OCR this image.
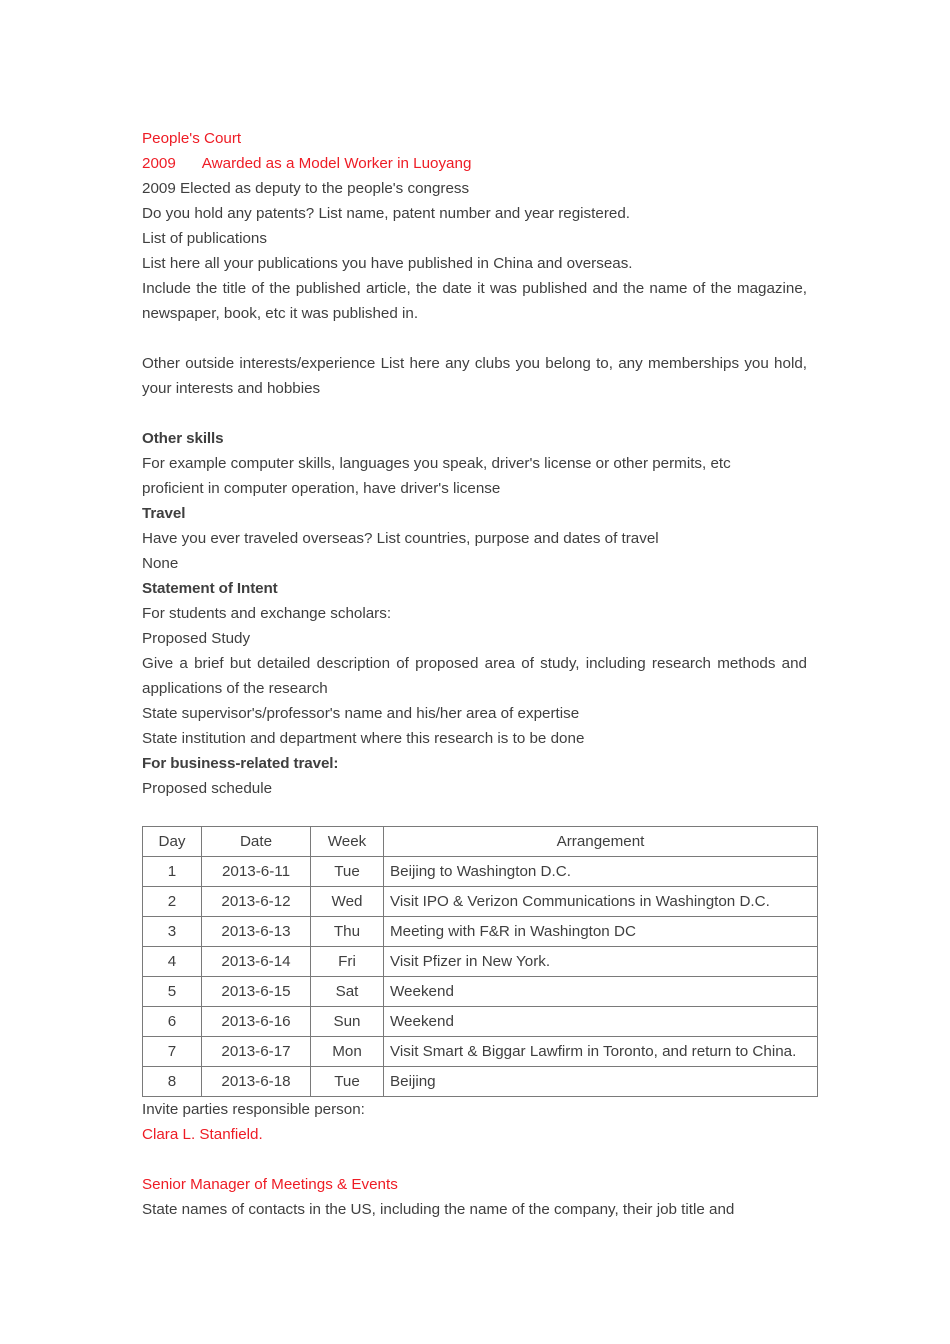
People's Court

2009 Awarded as a Model Worker in Luoyang

2009 Elected as deputy to the people's congress

Do you hold any patents? List name, patent number and year registered.

List of publications

List here all your publications you have published in China and overseas.

Include the title of the published article, the date it was published and the name of the magazine, newspaper, book, etc it was published in.

Other outside interests/experience List here any clubs you belong to, any memberships you hold, your interests and hobbies

Other skills

For example computer skills, languages you speak, driver's license or other permits, etc

proficient in computer operation, have driver's license

Travel

Have you ever traveled overseas? List countries, purpose and dates of travel

None

Statement of Intent

For students and exchange scholars:

Proposed Study

Give a brief but detailed description of proposed area of study, including research methods and applications of the research

State supervisor's/professor's name and his/her area of expertise

State institution and department where this research is to be done

For business-related travel:

Proposed schedule

Day	Date	Week	Arrangement
1	2013-6-11	Tue	Beijing to Washington D.C.
2	2013-6-12	Wed	Visit IPO & Verizon Communications in Washington D.C.
3	2013-6-13	Thu	Meeting with F&R in Washington DC
4	2013-6-14	Fri	Visit Pfizer in New York.
5	2013-6-15	Sat	Weekend
6	2013-6-16	Sun	Weekend
7	2013-6-17	Mon	Visit Smart & Biggar Lawfirm in Toronto, and return to China.
8	2013-6-18	Tue	Beijing

Invite parties responsible person:

Clara L. Stanfield.

Senior Manager of Meetings & Events

State names of contacts in the US, including the name of the company, their job title and
